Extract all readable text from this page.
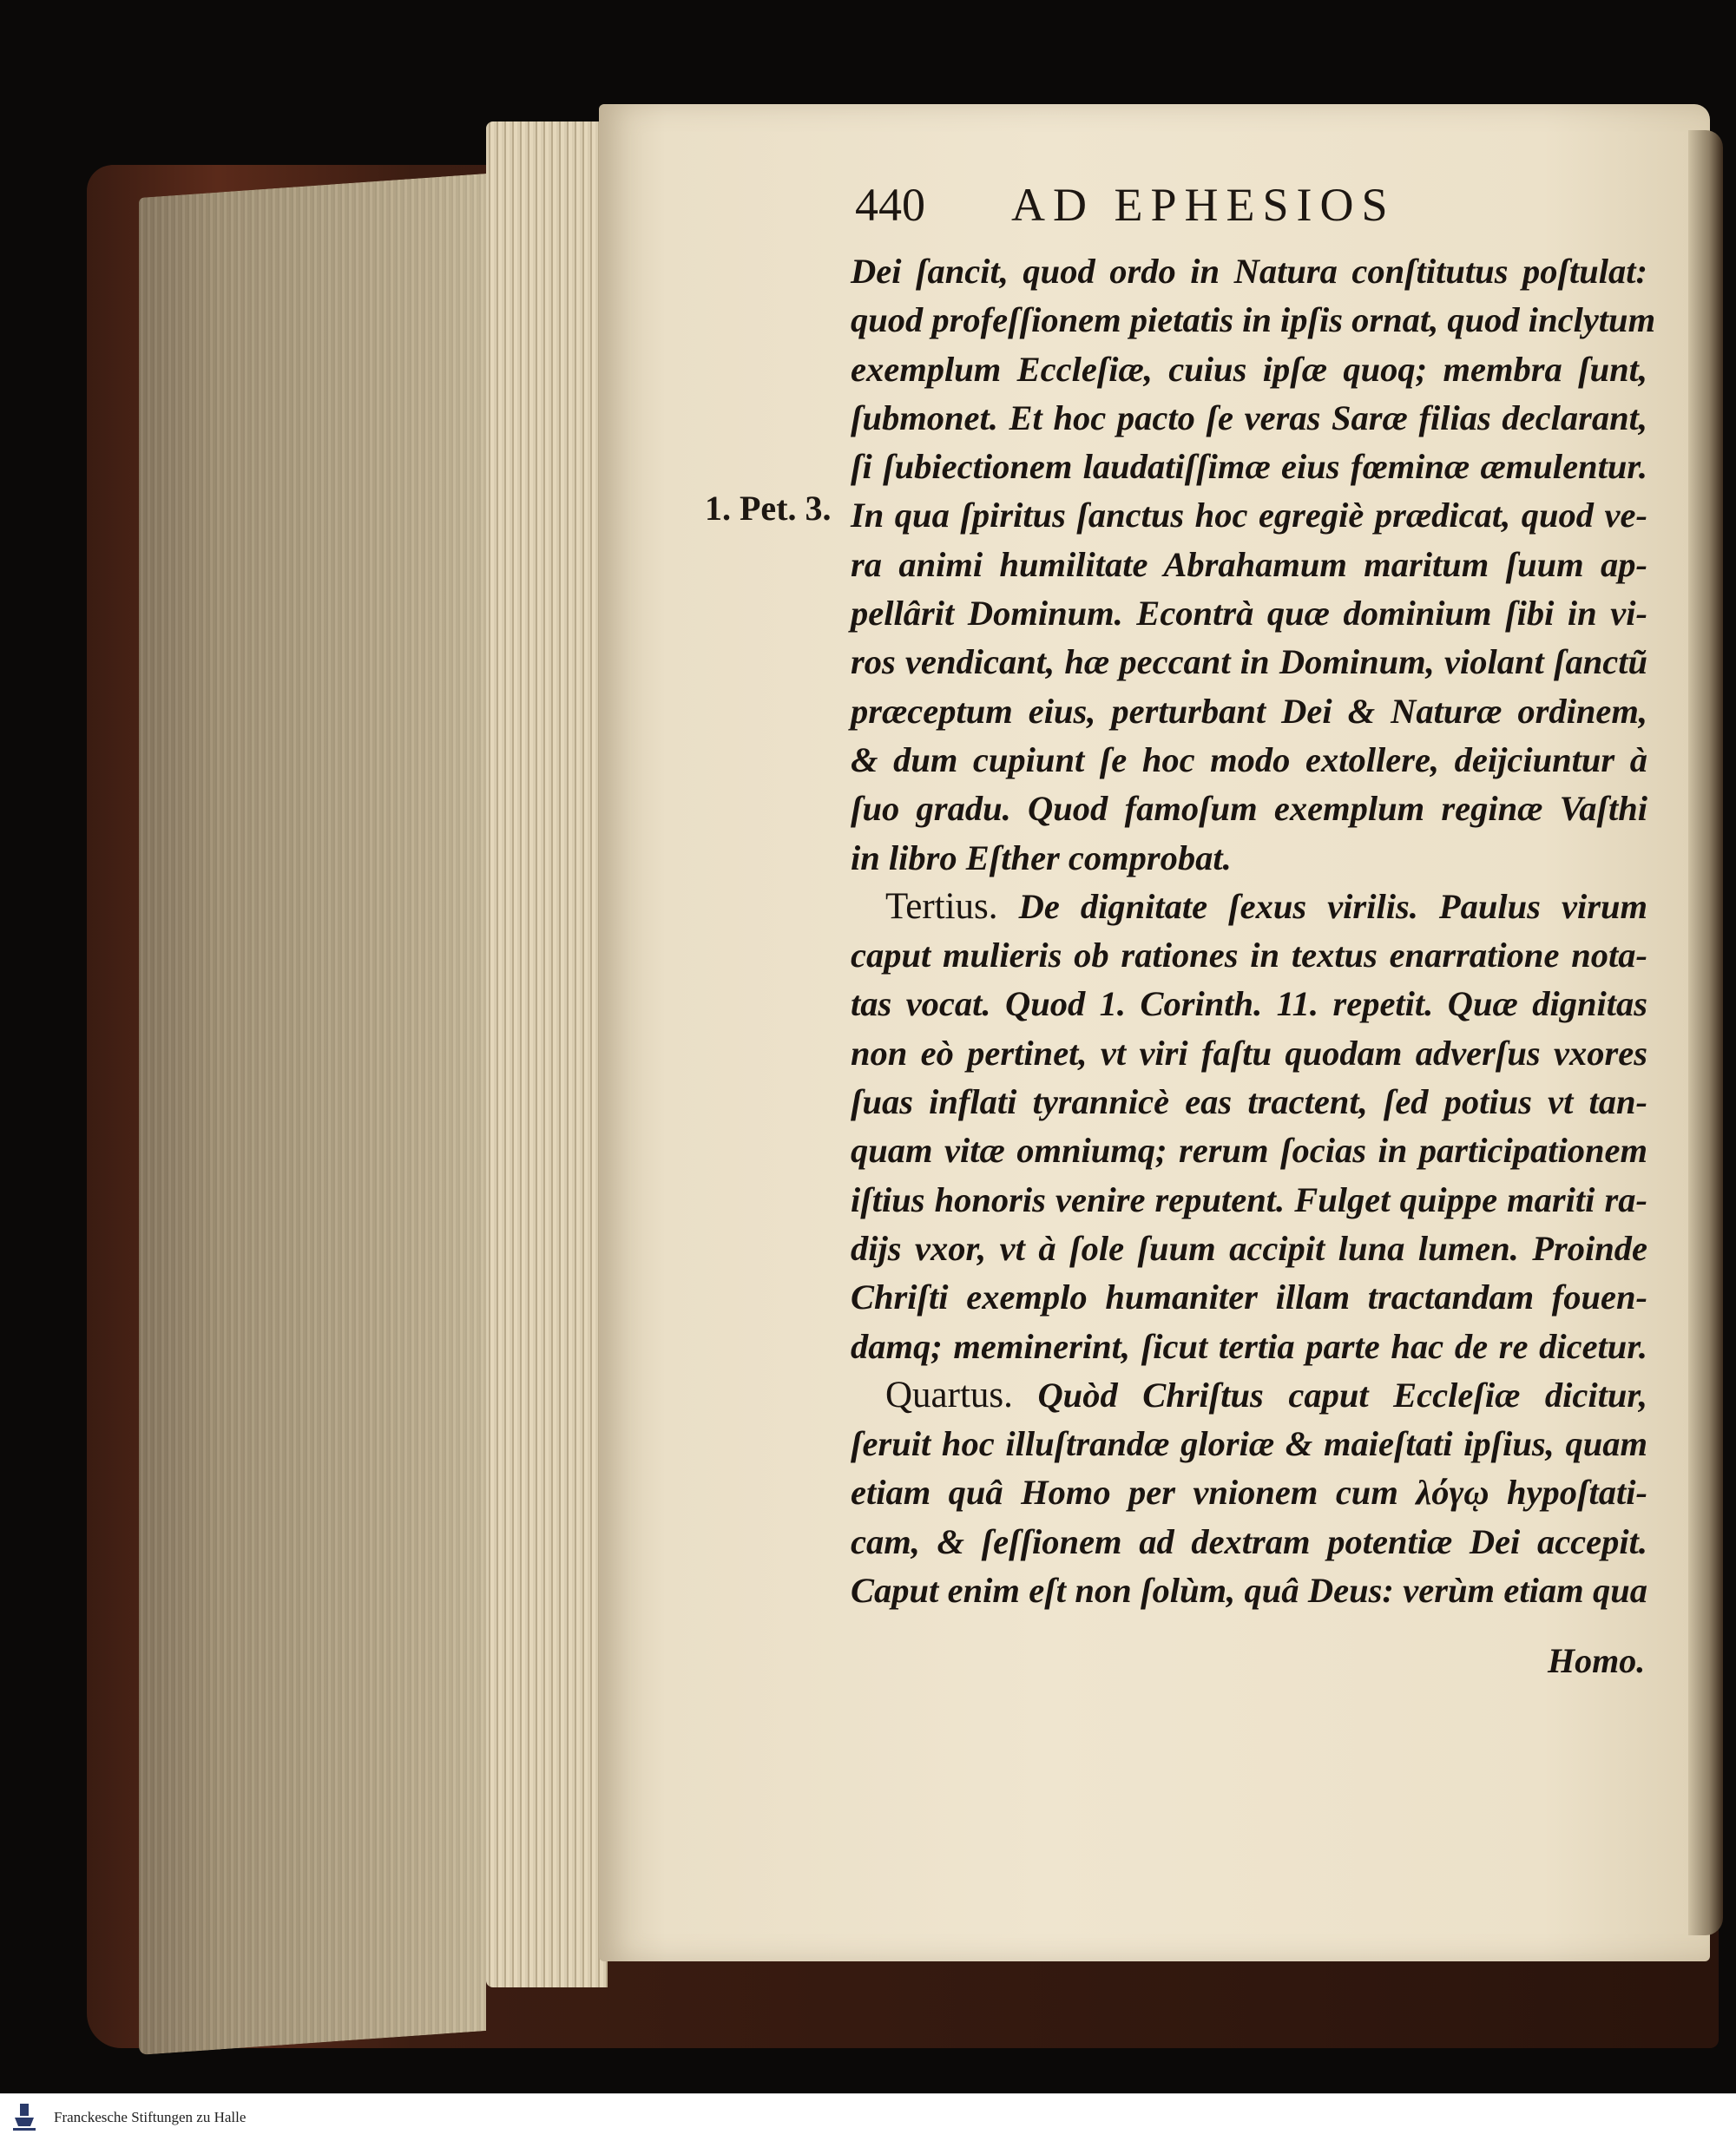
440	AD EPHESIOS
1. Pet. 3.
Dei ſancit, quod ordo in Natura conſtitutus poſtulat:
quod profeſſionem pietatis in ipſis ornat, quod inclytum
exemplum Eccleſiæ, cuius ipſæ quoq; membra ſunt,
ſubmonet. Et hoc pacto ſe veras Saræ filias declarant,
ſi ſubiectionem laudatiſſimæ eius fœminæ æmulentur.
In qua ſpiritus ſanctus hoc egregiè prædicat, quod ve-
ra animi humilitate Abrahamum maritum ſuum ap-
pellârit Dominum. Econtrà quæ dominium ſibi in vi-
ros vendicant, hæ peccant in Dominum, violant ſanctũ
præceptum eius, perturbant Dei & Naturæ ordinem,
& dum cupiunt ſe hoc modo extollere, deijciuntur à
ſuo gradu. Quod famoſum exemplum reginæ Vaſthi
in libro Eſther comprobat.
Tertius. De dignitate ſexus virilis. Paulus virum
caput mulieris ob rationes in textus enarratione nota-
tas vocat. Quod 1. Corinth. 11. repetit. Quæ dignitas
non eò pertinet, vt viri faſtu quodam adverſus vxores
ſuas inflati tyrannicè eas tractent, ſed potius vt tan-
quam vitæ omniumq; rerum ſocias in participationem
iſtius honoris venire reputent. Fulget quippe mariti ra-
dijs vxor, vt à ſole ſuum accipit luna lumen. Proinde
Chriſti exemplo humaniter illam tractandam fouen-
damq; meminerint, ſicut tertia parte hac de re dicetur.
Quartus. Quòd Chriſtus caput Eccleſiæ dicitur,
ſeruit hoc illuſtrandæ gloriæ & maieſtati ipſius, quam
etiam quâ Homo per vnionem cum λόγῳ hypoſtati-
cam, & ſeſſionem ad dextram potentiæ Dei accepit.
Caput enim eſt non ſolùm, quâ Deus: verùm etiam qua
Homo.
Franckesche Stiftungen zu Halle
